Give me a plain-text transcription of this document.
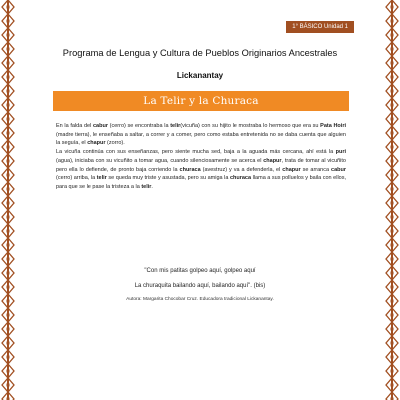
1° BÁSICO Unidad 1
Programa de Lengua y Cultura de Pueblos Originarios Ancestrales
Lickanantay
La Telir y la Churaca

En la falda del cabur (cerro) se encontraba la telir(vicuña) con su hijito le mostraba lo hermoso que era su Pata Hoiri (madre tierra), le enseñaba a saltar, a correr y a comer, pero como estaba entretenida no se daba cuenta que alguien la seguía, el chapur (zorro).

La vicuña continúa con sus enseñanzas, pero siente mucha sed, baja a la aguada más cercana, ahí está la puri (agua), iniciaba con su vicuñito a tomar agua, cuando silenciosamente se acerca el chapur, trata de tomar al vicuñito pero ella lo defiende, de pronto baja corriendo la churaca (avestruz) y va a defenderla, el chapur se arranca cabur (cerro) arriba, la telir se queda muy triste y asustada, pero su amiga la churaca llama a sus polluelos y baila con ellos, para que se le pase la tristeza a la telir.

"Con mis patitas golpeo aquí, golpeo aquí
La churaquita bailando aquí, bailando aquí". (bis)
Autora: Margarita Chocobar Cruz. Educadora tradicional Lickanantay.
